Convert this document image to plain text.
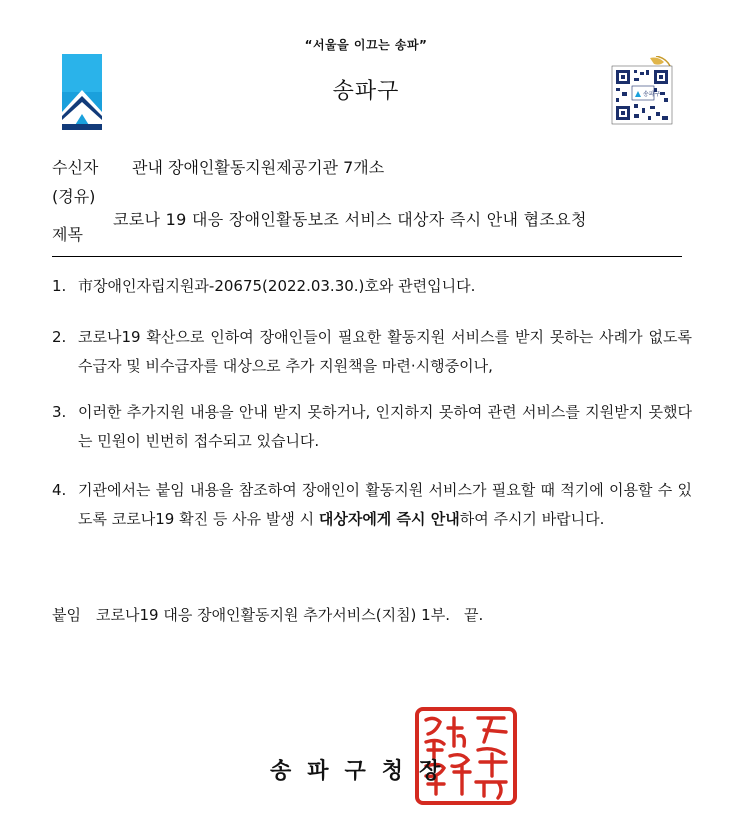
“서울을 이끄는 송파”
송파구	송파구
수신자 관내 장애인활동지원제공기관 7개소
(경유)
제목
코로나 19 대응 장애인활동보조 서비스 대상자 즉시 안내 협조요청
1. 市장애인자립지원과-20675(2022.03.30.)호와 관련입니다.
2. 코로나19 확산으로 인하여 장애인들이 필요한 활동지원 서비스를 받지 못하는 사례가 없도록 수급자 및 비수급자를 대상으로 추가 지원책을 마련·시행중이나,
3. 이러한 추가지원 내용을 안내 받지 못하거나, 인지하지 못하여 관련 서비스를 지원받지 못했다는 민원이 빈번히 접수되고 있습니다.
4. 기관에서는 붙임 내용을 참조하여 장애인이 활동지원 서비스가 필요할 때 적기에 이용할 수 있도록 코로나19 확진 등 사유 발생 시 대상자에게 즉시 안내하여 주시기 바랍니다.
붙임 코로나19 대응 장애인활동지원 추가서비스(지침) 1부. 끝.
송파구청장
